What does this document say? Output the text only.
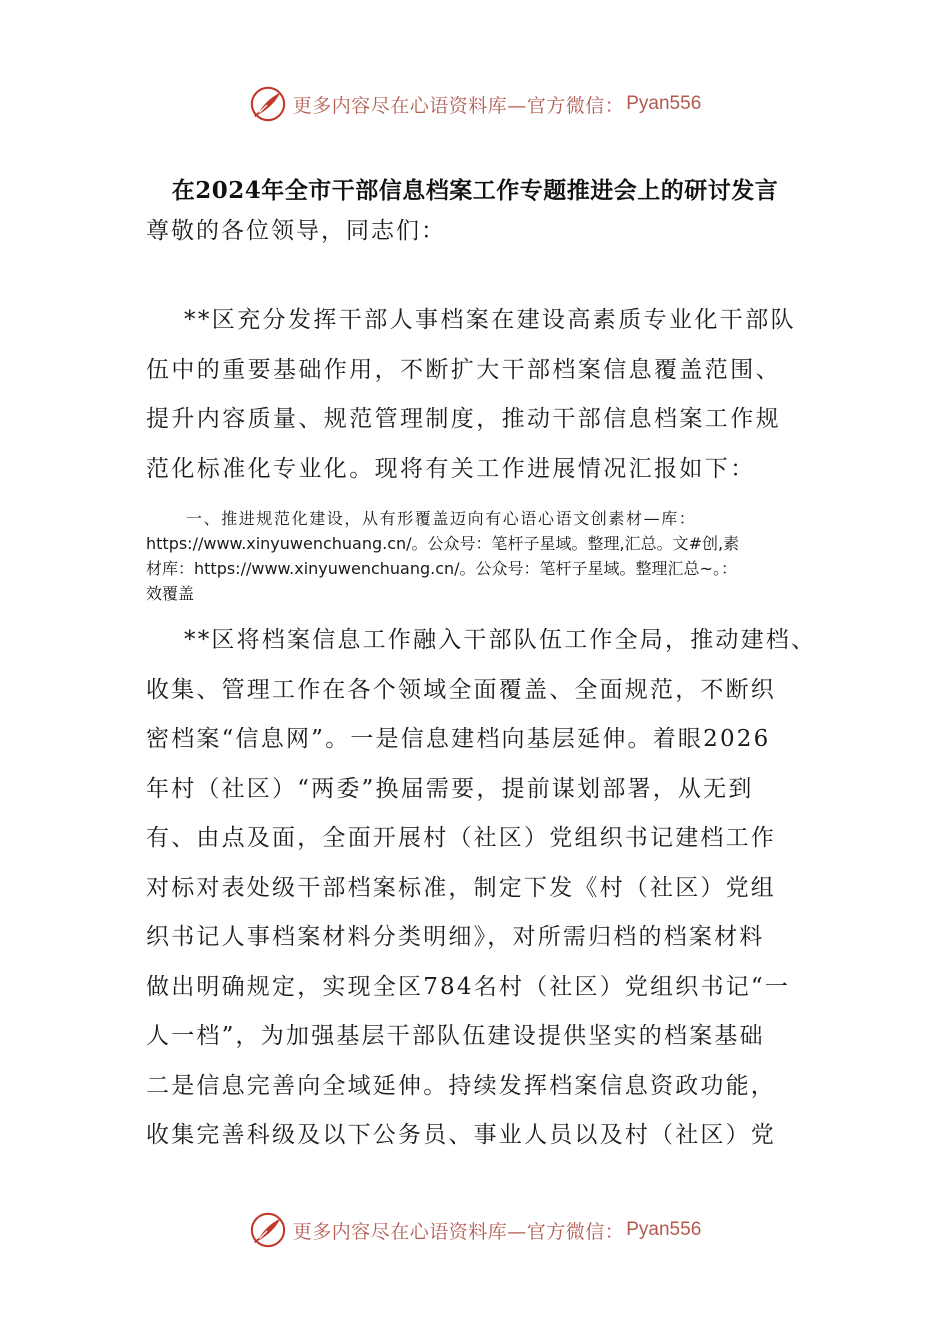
更多内容尽在心语资料库—官方微信： Pyan556
在2024年全市干部信息档案工作专题推进会上的研讨发言
尊敬的各位领导，同志们：
**区充分发挥干部人事档案在建设高素质专业化干部队
伍中的重要基础作用，不断扩大干部档案信息覆盖范围、
提升内容质量、规范管理制度，推动干部信息档案工作规
范化标准化专业化。现将有关工作进展情况汇报如下：
一、推进规范化建设，从有形覆盖迈向有心语心语文创素材—库：
https://www.xinyuwenchuang.cn/。公众号：笔杆子星域。整理,汇总。文#创,素
材库：https://www.xinyuwenchuang.cn/。公众号：笔杆子星域。整理汇总~。：
效覆盖
**区将档案信息工作融入干部队伍工作全局，推动建档、
收集、管理工作在各个领域全面覆盖、全面规范，不断织
密档案“信息网”。一是信息建档向基层延伸。着眼2026
年村（社区）“两委”换届需要，提前谋划部署，从无到
有、由点及面，全面开展村（社区）党组织书记建档工作
对标对表处级干部档案标准，制定下发《村（社区）党组
织书记人事档案材料分类明细》，对所需归档的档案材料
做出明确规定，实现全区784名村（社区）党组织书记“一
人一档”，为加强基层干部队伍建设提供坚实的档案基础
二是信息完善向全域延伸。持续发挥档案信息资政功能，
收集完善科级及以下公务员、事业人员以及村（社区）党
更多内容尽在心语资料库—官方微信： Pyan556
